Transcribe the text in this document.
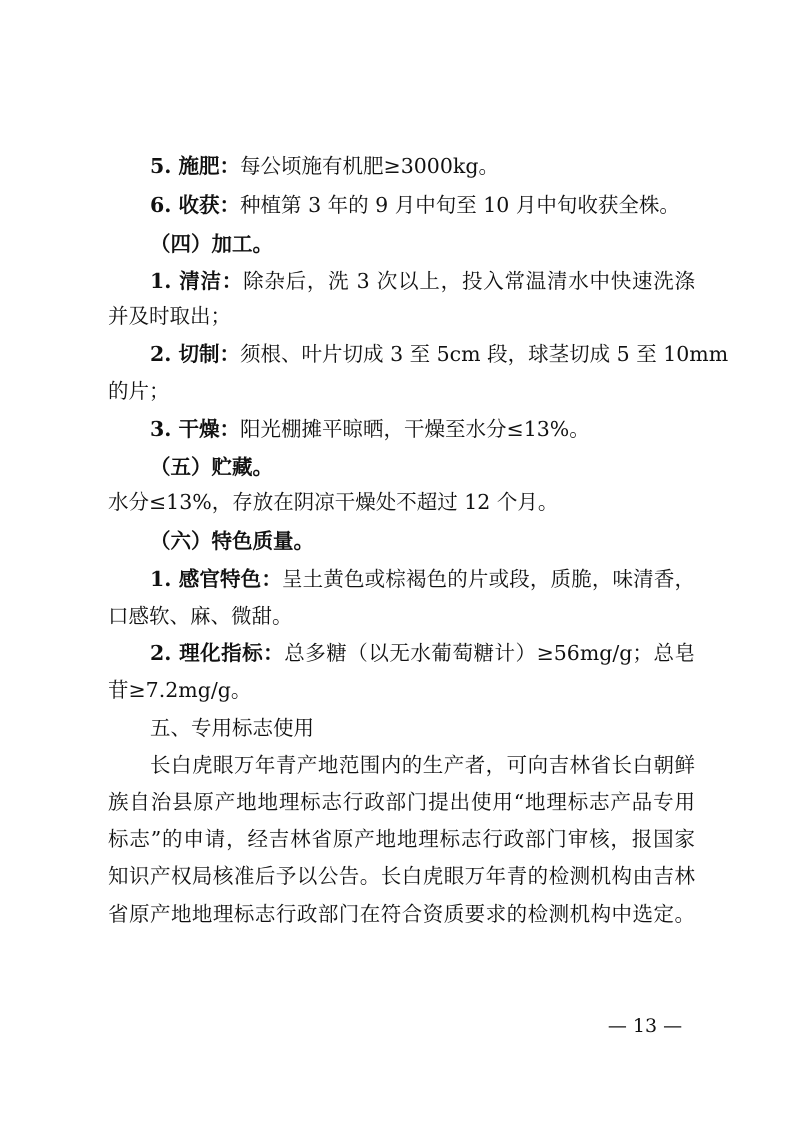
5. 施肥：每公顷施有机肥≥3000kg。
6. 收获：种植第 3 年的 9 月中旬至 10 月中旬收获全株。
（四）加工。
1. 清洁：除杂后，洗 3 次以上，投入常温清水中快速洗涤
并及时取出；
2. 切制：须根、叶片切成 3 至 5cm 段，球茎切成 5 至 10mm
的片；
3. 干燥：阳光棚摊平晾晒，干燥至水分≤13%。
（五）贮藏。
水分≤13%，存放在阴凉干燥处不超过 12 个月。
（六）特色质量。
1. 感官特色：呈土黄色或棕褐色的片或段，质脆，味清香，
口感软、麻、微甜。
2. 理化指标：总多糖（以无水葡萄糖计）≥56mg/g；总皂
苷≥7.2mg/g。
五、专用标志使用
长白虎眼万年青产地范围内的生产者，可向吉林省长白朝鲜
族自治县原产地地理标志行政部门提出使用“地理标志产品专用
标志”的申请，经吉林省原产地地理标志行政部门审核，报国家
知识产权局核准后予以公告。长白虎眼万年青的检测机构由吉林
省原产地地理标志行政部门在符合资质要求的检测机构中选定。
— 13 —
